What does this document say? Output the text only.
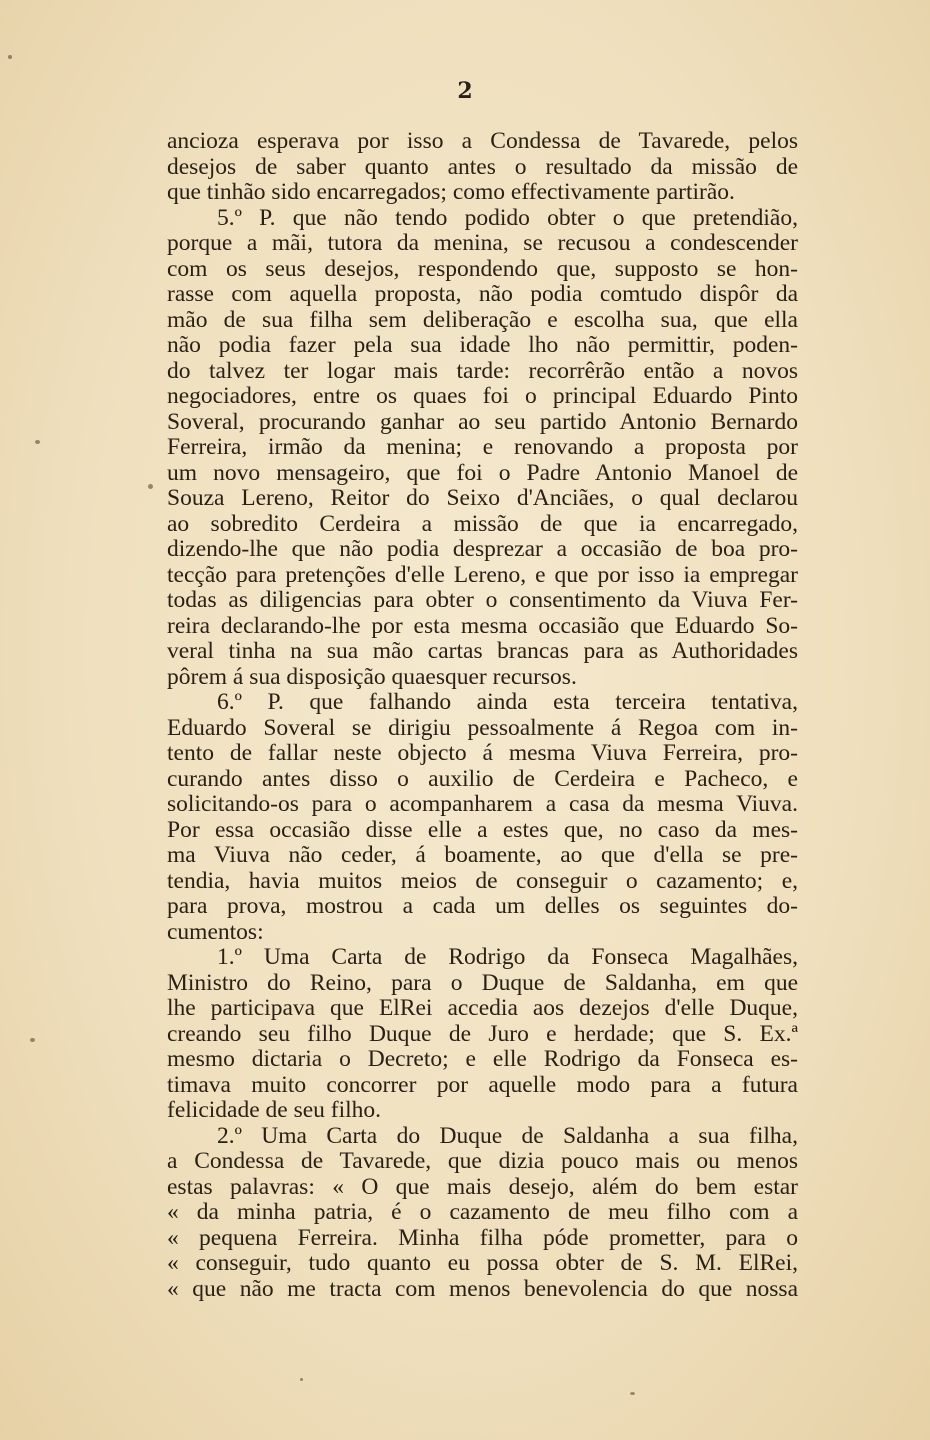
2
ancioza esperava por isso a Condessa de Tavarede, pelos
desejos de saber quanto antes o resultado da missão de
que tinhão sido encarregados; como effectivamente partirão.
5.º P. que não tendo podido obter o que pretendião,
porque a mãi, tutora da menina, se recusou a condescender
com os seus desejos, respondendo que, supposto se hon-
rasse com aquella proposta, não podia comtudo dispôr da
mão de sua filha sem deliberação e escolha sua, que ella
não podia fazer pela sua idade lho não permittir, poden-
do talvez ter logar mais tarde: recorrêrão então a novos
negociadores, entre os quaes foi o principal Eduardo Pinto
Soveral, procurando ganhar ao seu partido Antonio Bernardo
Ferreira, irmão da menina; e renovando a proposta por
um novo mensageiro, que foi o Padre Antonio Manoel de
Souza Lereno, Reitor do Seixo d'Anciães, o qual declarou
ao sobredito Cerdeira a missão de que ia encarregado,
dizendo-lhe que não podia desprezar a occasião de boa pro-
tecção para pretenções d'elle Lereno, e que por isso ia empregar
todas as diligencias para obter o consentimento da Viuva Fer-
reira declarando-lhe por esta mesma occasião que Eduardo So-
veral tinha na sua mão cartas brancas para as Authoridades
pôrem á sua disposição quaesquer recursos.
6.º P. que falhando ainda esta terceira tentativa,
Eduardo Soveral se dirigiu pessoalmente á Regoa com in-
tento de fallar neste objecto á mesma Viuva Ferreira, pro-
curando antes disso o auxilio de Cerdeira e Pacheco, e
solicitando-os para o acompanharem a casa da mesma Viuva.
Por essa occasião disse elle a estes que, no caso da mes-
ma Viuva não ceder, á boamente, ao que d'ella se pre-
tendia, havia muitos meios de conseguir o cazamento; e,
para prova, mostrou a cada um delles os seguintes do-
cumentos:
1.º Uma Carta de Rodrigo da Fonseca Magalhães,
Ministro do Reino, para o Duque de Saldanha, em que
lhe participava que ElRei accedia aos dezejos d'elle Duque,
creando seu filho Duque de Juro e herdade; que S. Ex.ª
mesmo dictaria o Decreto; e elle Rodrigo da Fonseca es-
timava muito concorrer por aquelle modo para a futura
felicidade de seu filho.
2.º Uma Carta do Duque de Saldanha a sua filha,
a Condessa de Tavarede, que dizia pouco mais ou menos
estas palavras: « O que mais desejo, além do bem estar
« da minha patria, é o cazamento de meu filho com a
« pequena Ferreira. Minha filha póde prometter, para o
« conseguir, tudo quanto eu possa obter de S. M. ElRei,
« que não me tracta com menos benevolencia do que nossa
